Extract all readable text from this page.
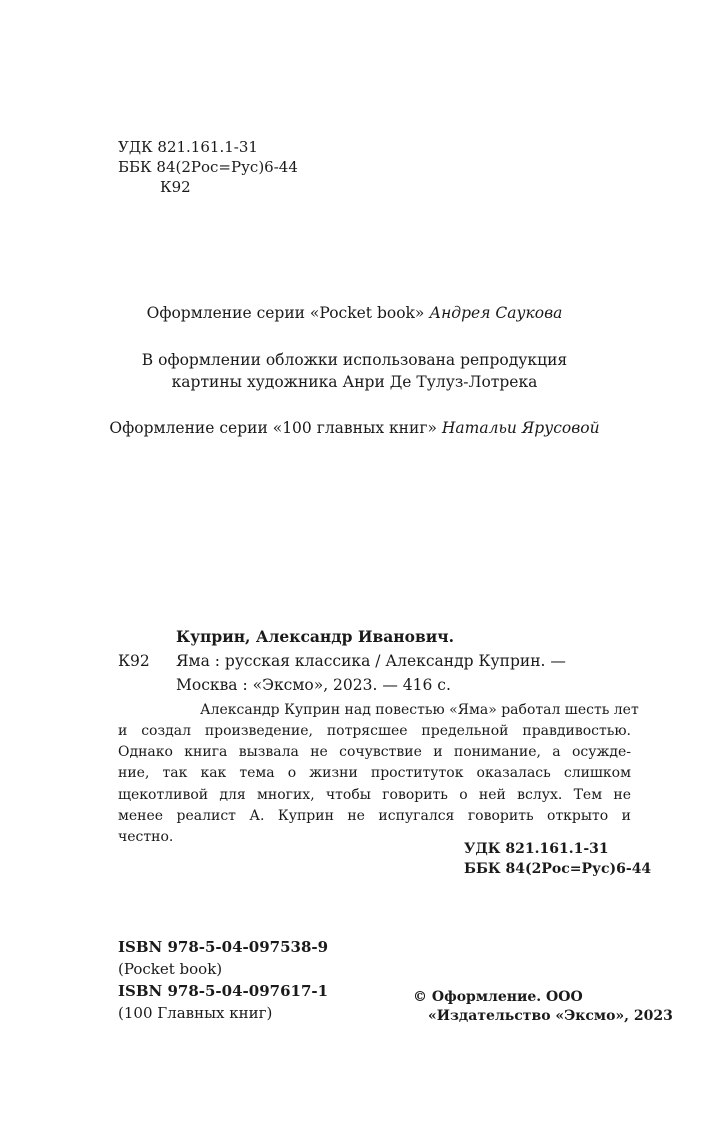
УДК 821.161.1-31
ББК 84(2Рос=Рус)6-44
К92
Оформление серии «Pocket book» Андрея Саукова
В оформлении обложки использована репродукция
картины художника Анри Де Тулуз-Лотрека
Оформление серии «100 главных книг» Натальи Ярусовой
Куприн, Александр Иванович.
К92 Яма : русская классика / Александр Куприн. —
Москва : «Эксмо», 2023. — 416 с.
Александр Куприн над повестью «Яма» работал шесть лет
и создал произведение, потрясшее предельной правдивостью.
Однако книга вызвала не сочувствие и понимание, а осужде-
ние, так как тема о жизни проституток оказалась слишком
щекотливой для многих, чтобы говорить о ней вслух. Тем не
менее реалист А. Куприн не испугался говорить открыто и
честно.
УДК 821.161.1-31
ББК 84(2Рос=Рус)6-44
ISBN 978-5-04-097538-9
(Pocket book)
ISBN 978-5-04-097617-1
(100 Главных книг)
© Оформление. ООО
«Издательство «Эксмо», 2023
